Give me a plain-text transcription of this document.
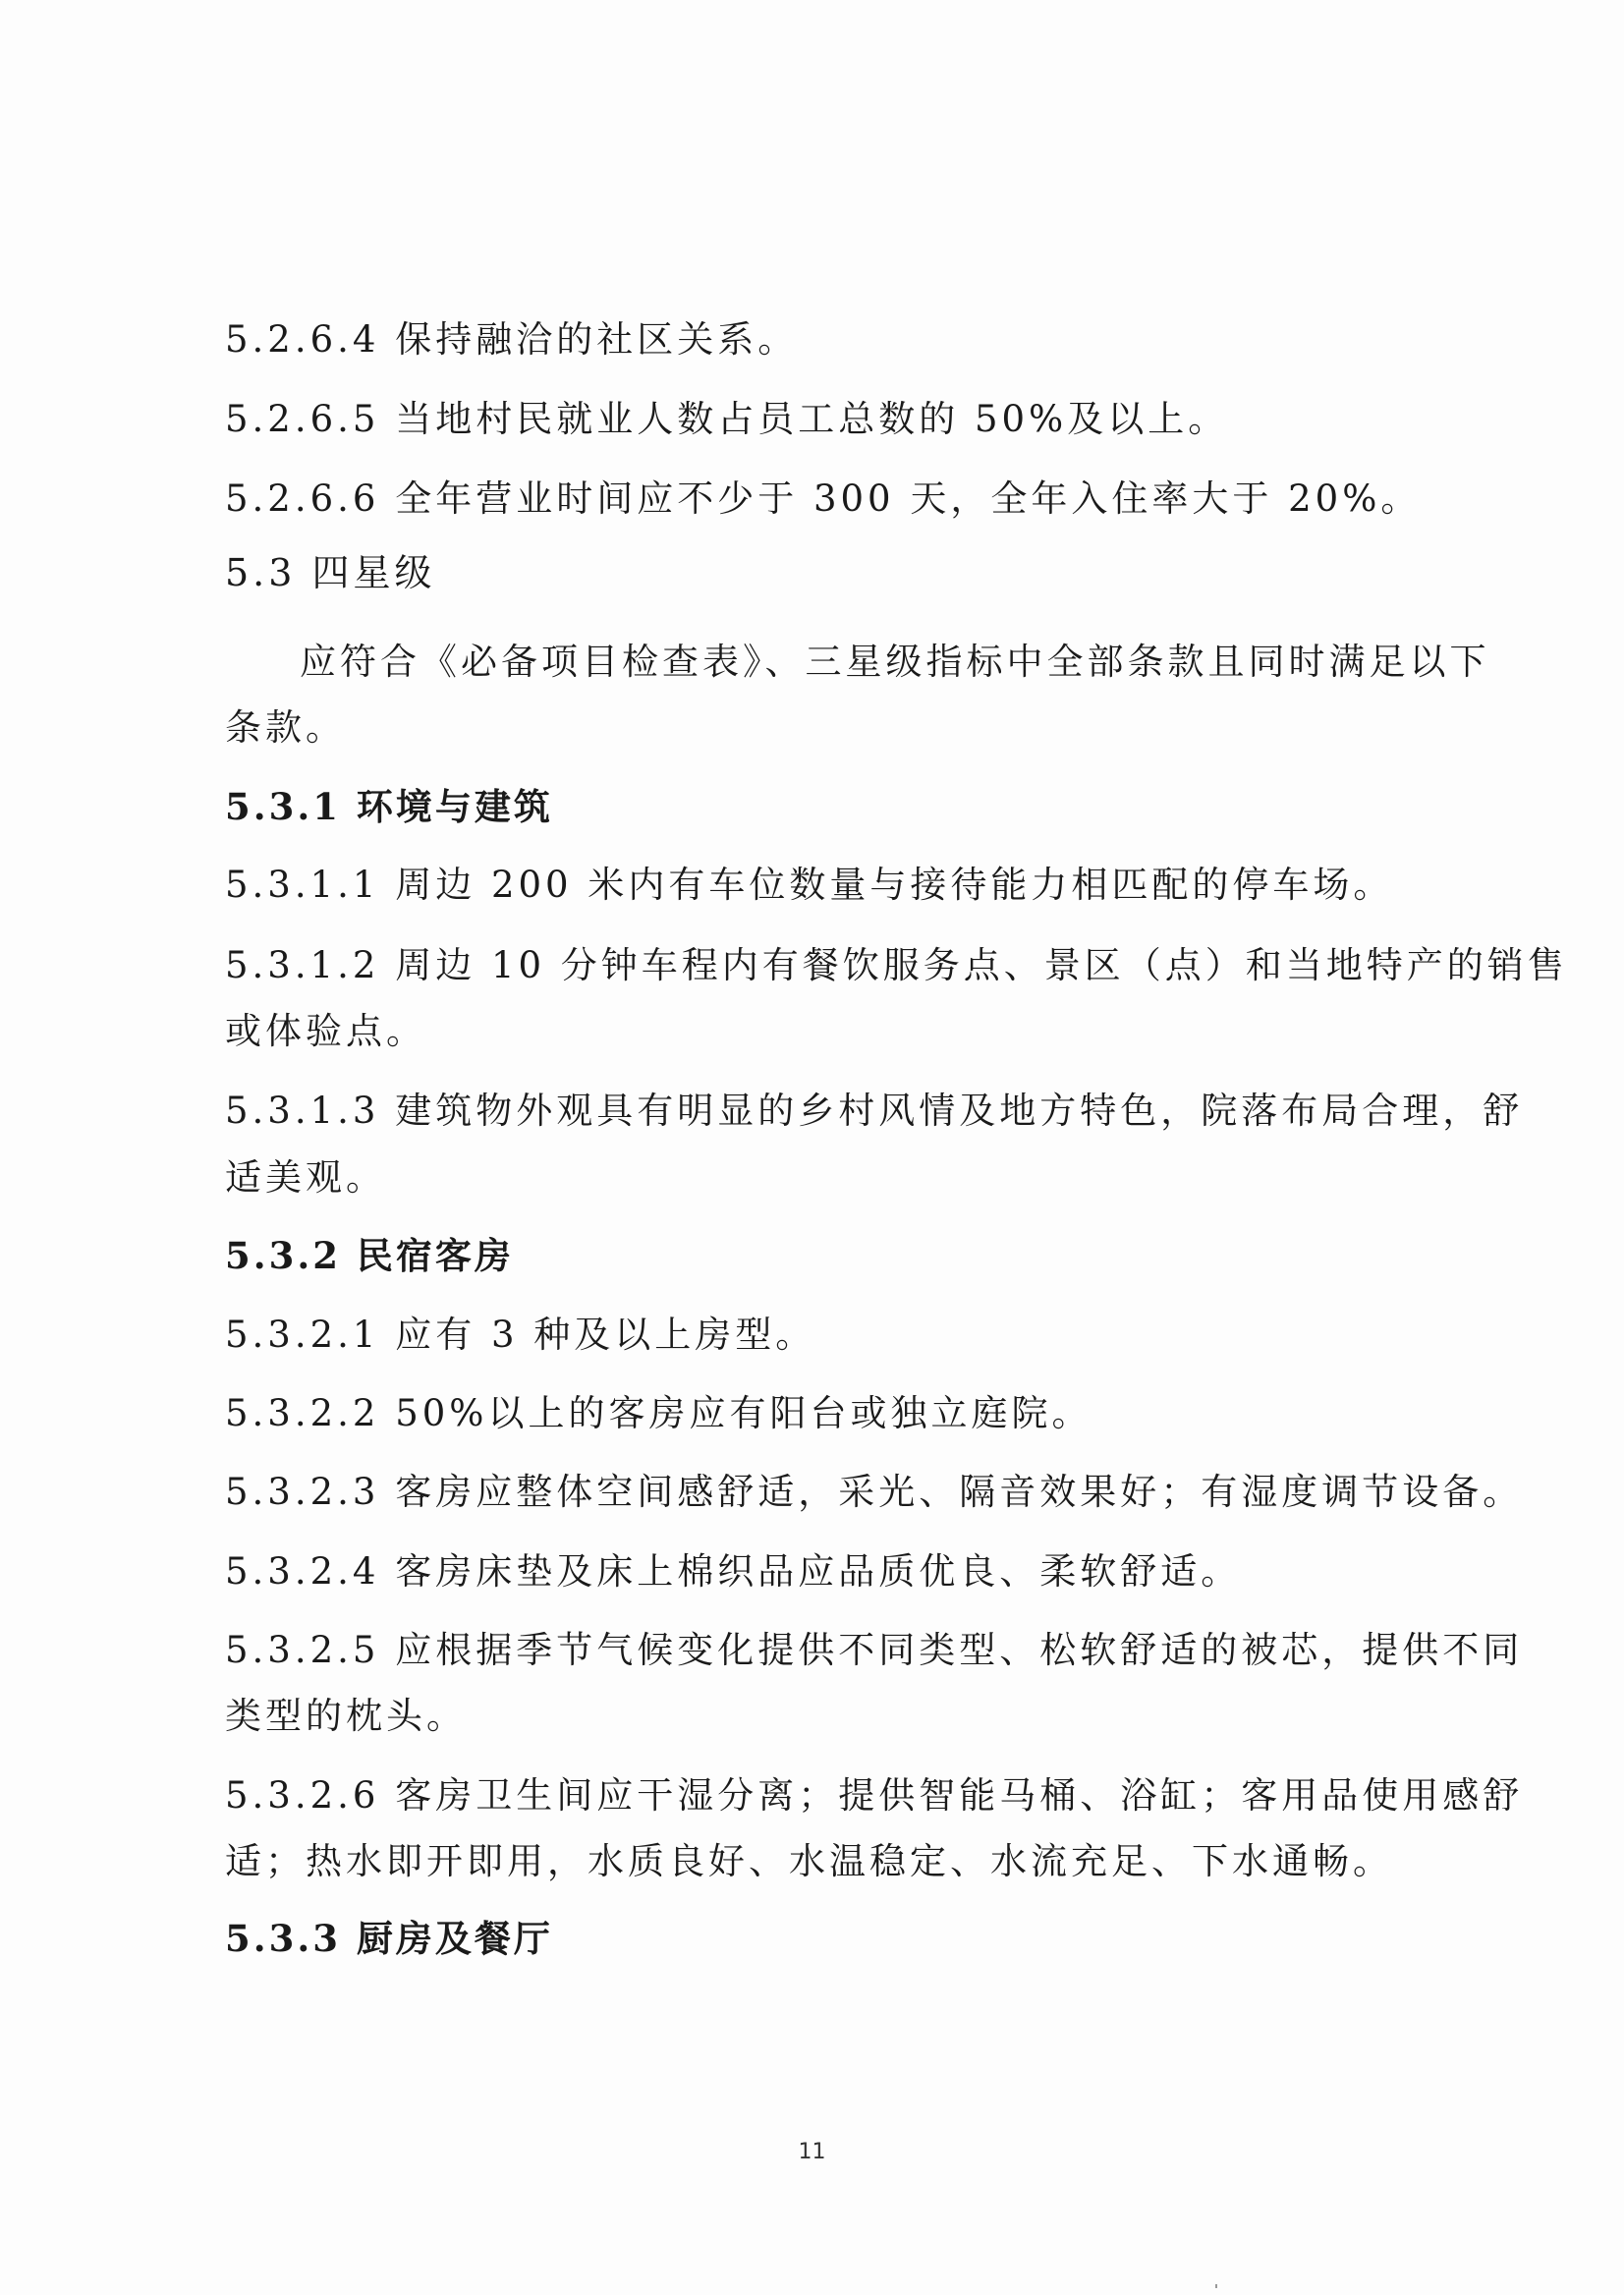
5.2.6.4 保持融洽的社区关系。
5.2.6.5 当地村民就业人数占员工总数的 50%及以上。
5.2.6.6 全年营业时间应不少于 300 天，全年入住率大于 20%。
5.3 四星级
应符合《必备项目检查表》、三星级指标中全部条款且同时满足以下
条款。
5.3.1 环境与建筑
5.3.1.1 周边 200 米内有车位数量与接待能力相匹配的停车场。
5.3.1.2 周边 10 分钟车程内有餐饮服务点、景区（点）和当地特产的销售
或体验点。
5.3.1.3 建筑物外观具有明显的乡村风情及地方特色，院落布局合理，舒
适美观。
5.3.2 民宿客房
5.3.2.1 应有 3 种及以上房型。
5.3.2.2 50%以上的客房应有阳台或独立庭院。
5.3.2.3 客房应整体空间感舒适，采光、隔音效果好；有湿度调节设备。
5.3.2.4 客房床垫及床上棉织品应品质优良、柔软舒适。
5.3.2.5 应根据季节气候变化提供不同类型、松软舒适的被芯，提供不同
类型的枕头。
5.3.2.6 客房卫生间应干湿分离；提供智能马桶、浴缸；客用品使用感舒
适；热水即开即用，水质良好、水温稳定、水流充足、下水通畅。
5.3.3 厨房及餐厅
11
